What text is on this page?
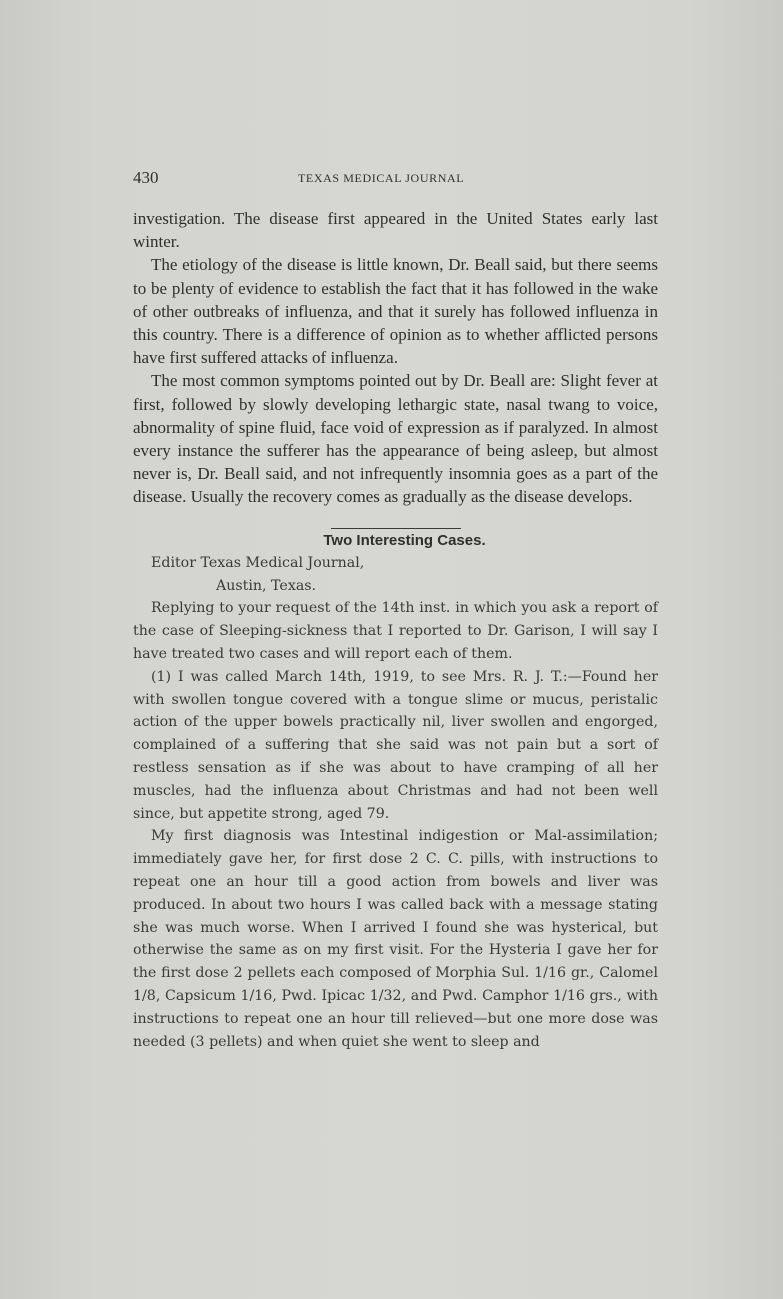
430	TEXAS MEDICAL JOURNAL

investigation. The disease first appeared in the United States early last winter.

The etiology of the disease is little known, Dr. Beall said, but there seems to be plenty of evidence to establish the fact that it has followed in the wake of other outbreaks of influenza, and that it surely has followed influenza in this country. There is a difference of opinion as to whether afflicted persons have first suffered attacks of influenza.

The most common symptoms pointed out by Dr. Beall are: Slight fever at first, followed by slowly developing lethargic state, nasal twang to voice, abnormality of spine fluid, face void of expression as if paralyzed. In almost every instance the sufferer has the appearance of being asleep, but almost never is, Dr. Beall said, and not infrequently insomnia goes as a part of the disease. Usually the recovery comes as gradually as the disease develops.

Two Interesting Cases.

Editor Texas Medical Journal,

Austin, Texas.

Replying to your request of the 14th inst. in which you ask a report of the case of Sleeping-sickness that I reported to Dr. Garison, I will say I have treated two cases and will report each of them.

(1) I was called March 14th, 1919, to see Mrs. R. J. T.:—Found her with swollen tongue covered with a tongue slime or mucus, peristalic action of the upper bowels practically nil, liver swollen and engorged, complained of a suffering that she said was not pain but a sort of restless sensation as if she was about to have cramping of all her muscles, had the influenza about Christmas and had not been well since, but appetite strong, aged 79.

My first diagnosis was Intestinal indigestion or Mal-assimilation; immediately gave her, for first dose 2 C. C. pills, with instructions to repeat one an hour till a good action from bowels and liver was produced. In about two hours I was called back with a message stating she was much worse. When I arrived I found she was hysterical, but otherwise the same as on my first visit. For the Hysteria I gave her for the first dose 2 pellets each composed of Morphia Sul. 1/16 gr., Calomel 1/8, Capsicum 1/16, Pwd. Ipicac 1/32, and Pwd. Camphor 1/16 grs., with instructions to repeat one an hour till relieved—but one more dose was needed (3 pellets) and when quiet she went to sleep and
